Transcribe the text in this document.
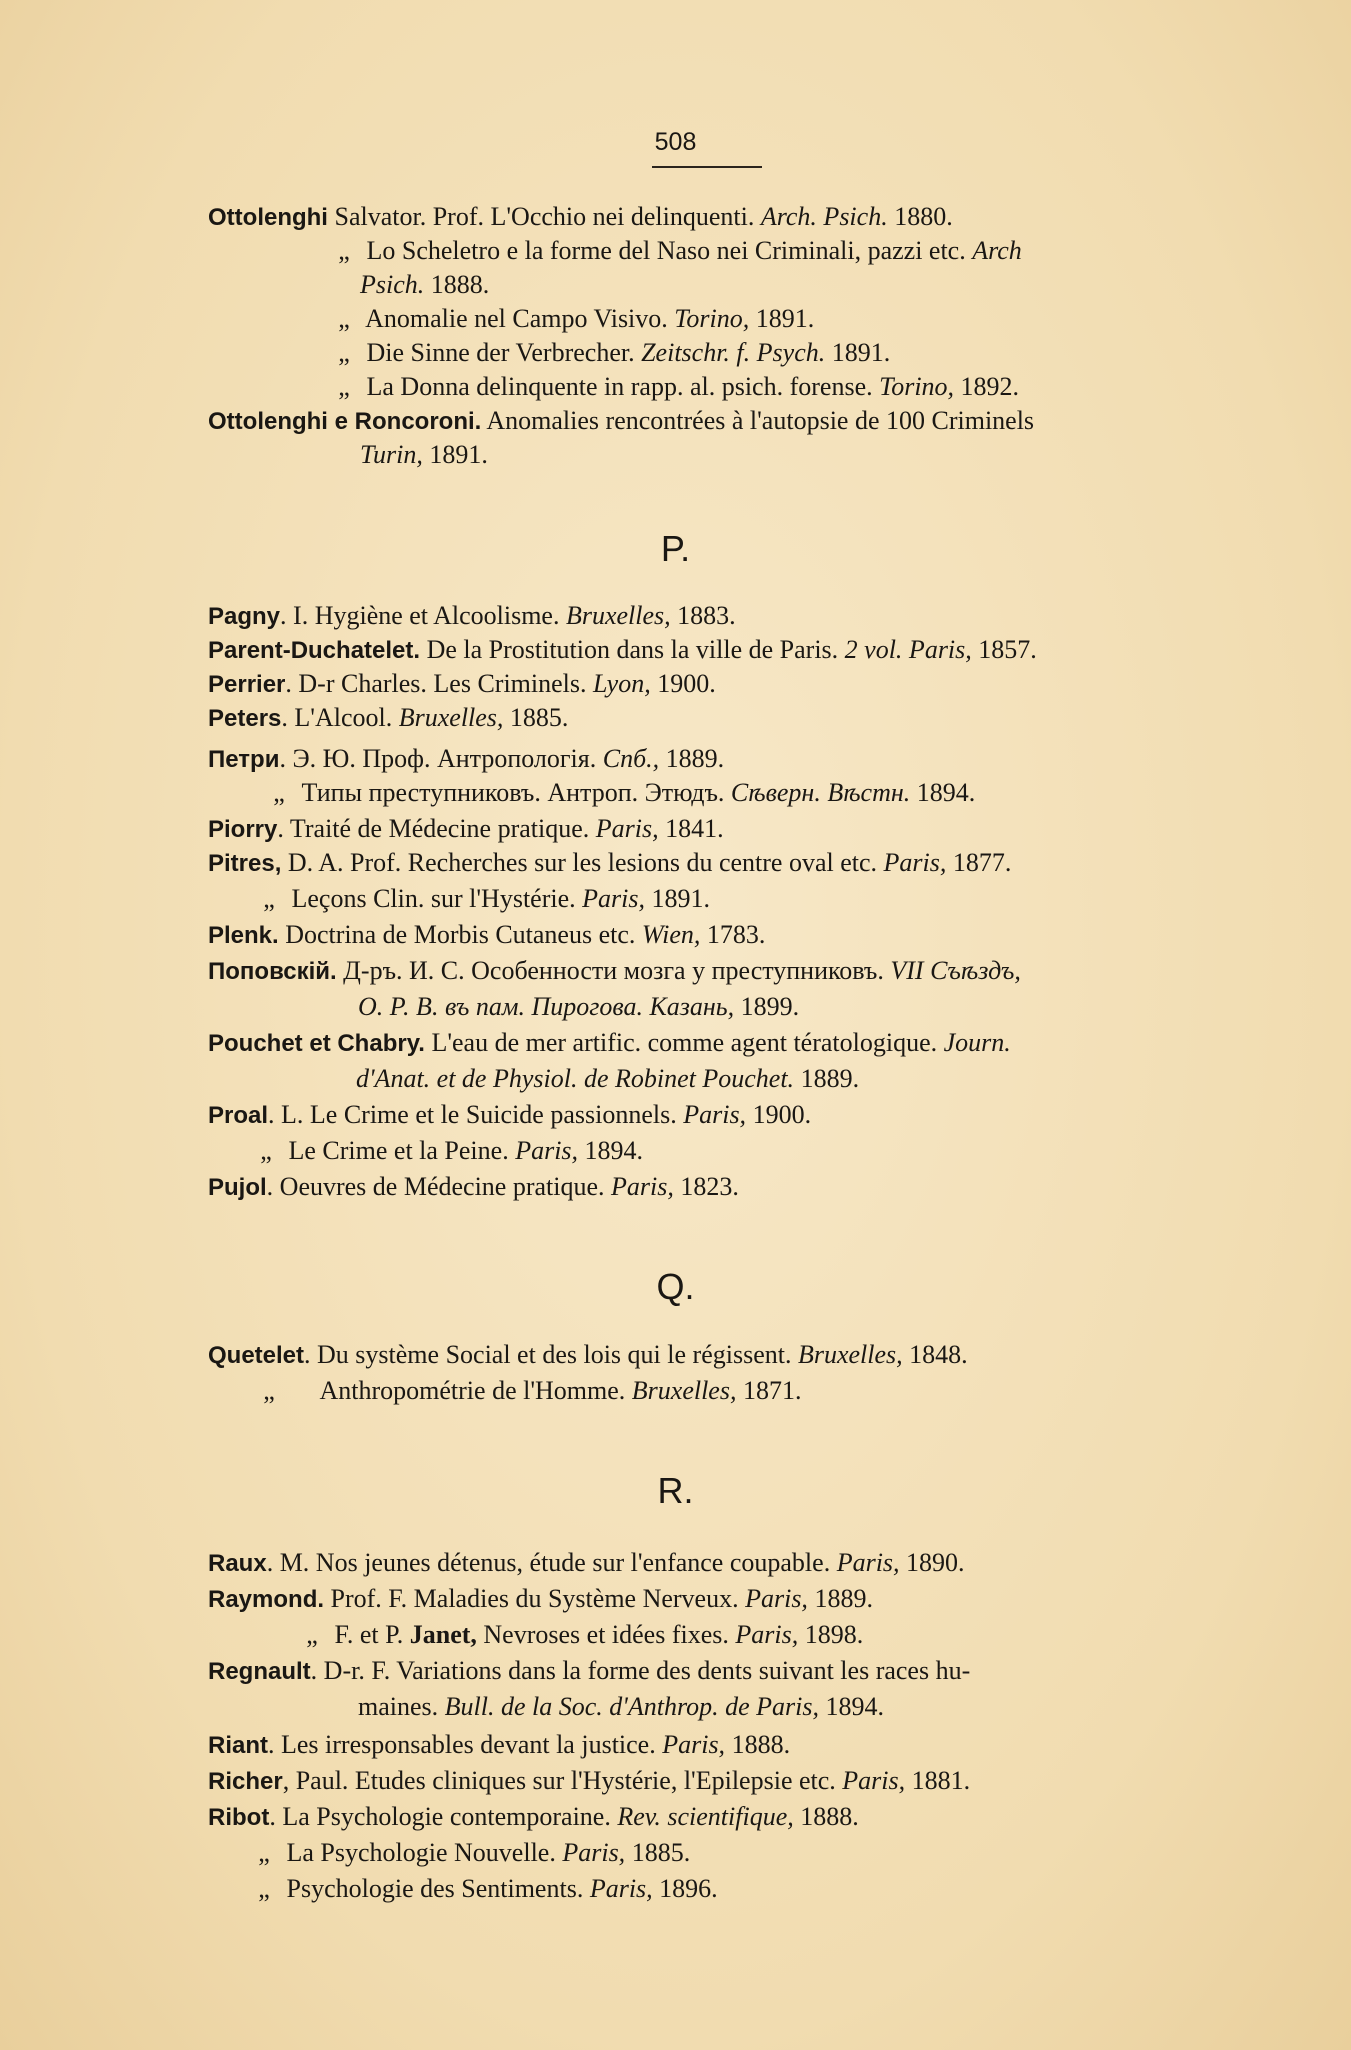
508
Ottolenghi Salvator. Prof. L'Occhio nei delinquenti. Arch. Psich. 1880.
„ Lo Scheletro e la forme del Naso nei Criminali, pazzi etc. Arch
Psich. 1888.
„ Anomalie nel Campo Visivo. Torino, 1891.
„ Die Sinne der Verbrecher. Zeitschr. f. Psych. 1891.
„ La Donna delinquente in rapp. al. psich. forense. Torino, 1892.
Ottolenghi e Roncoroni. Anomalies rencontrées à l'autopsie de 100 Criminels
Turin, 1891.
P.
Pagny. I. Hygiène et Alcoolisme. Bruxelles, 1883.
Parent-Duchatelet. De la Prostitution dans la ville de Paris. 2 vol. Paris, 1857.
Perrier. D-r Charles. Les Criminels. Lyon, 1900.
Peters. L'Alcool. Bruxelles, 1885.
Петри. Э. Ю. Проф. Антропологія. Спб., 1889.
„ Типы преступниковъ. Антроп. Этюдъ. Сѣверн. Вѣстн. 1894.
Piorry. Traité de Médecine pratique. Paris, 1841.
Pitres, D. A. Prof. Recherches sur les lesions du centre oval etc. Paris, 1877.
„ Leçons Clin. sur l'Hystérie. Paris, 1891.
Plenk. Doctrina de Morbis Cutaneus etc. Wien, 1783.
Поповскій. Д-ръ. И. С. Особенности мозга у преступниковъ. VII Съѣздъ,
О. Р. В. въ пам. Пирогова. Казань, 1899.
Pouchet et Chabry. L'eau de mer artific. comme agent tératologique. Journ.
d'Anat. et de Physiol. de Robinet Pouchet. 1889.
Proal. L. Le Crime et le Suicide passionnels. Paris, 1900.
„ Le Crime et la Peine. Paris, 1894.
Pujol. Oeuvres de Médecine pratique. Paris, 1823.
Q.
Quetelet. Du système Social et des lois qui le régissent. Bruxelles, 1848.
„ Anthropométrie de l'Homme. Bruxelles, 1871.
R.
Raux. M. Nos jeunes détenus, étude sur l'enfance coupable. Paris, 1890.
Raymond. Prof. F. Maladies du Système Nerveux. Paris, 1889.
„ F. et P. Janet, Nevroses et idées fixes. Paris, 1898.
Regnault. D-r. F. Variations dans la forme des dents suivant les races hu-
maines. Bull. de la Soc. d'Anthrop. de Paris, 1894.
Riant. Les irresponsables devant la justice. Paris, 1888.
Richer, Paul. Etudes cliniques sur l'Hystérie, l'Epilepsie etc. Paris, 1881.
Ribot. La Psychologie contemporaine. Rev. scientifique, 1888.
„ La Psychologie Nouvelle. Paris, 1885.
„ Psychologie des Sentiments. Paris, 1896.
